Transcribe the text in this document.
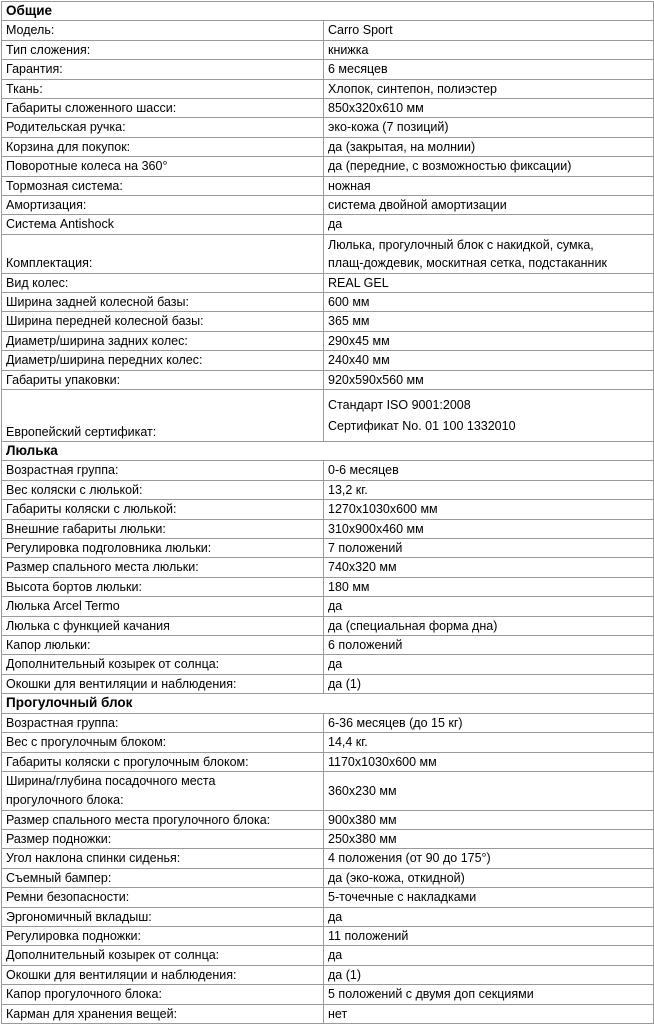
Общие	
Модель:	Carro Sport

Тип сложения:	книжка

Гарантия:	6 месяцев

Ткань:	Хлопок, синтепон, полиэстер

Габариты сложенного шасси:	850x320x610 мм

Родительская ручка:	эко-кожа (7 позиций)

Корзина для покупок:	да (закрытая, на молнии)

Поворотные колеса на 360°	да (передние, с возможностью фиксации)

Тормозная система:	ножная

Амортизация:	система двойной амортизации

Система Antishock	да

Комплектация:	Люлька, прогулочный блок с накидкой, сумка,
плащ-дождевик, москитная сетка, подстаканник

Вид колес:	REAL GEL

Ширина задней колесной базы:	600 мм

Ширина передней колесной базы:	365 мм

Диаметр/ширина задних колес:	290x45 мм

Диаметр/ширина передних колес:	240x40 мм

Габариты упаковки:	920x590x560 мм

Европейский сертификат:	Стандарт ISO 9001:2008
Сертификат No. 01 100 1332010

Люлька	
Возрастная группа:	0-6 месяцев

Вес коляски с люлькой:	13,2 кг.

Габариты коляски с люлькой:	1270x1030x600 мм

Внешние габариты люльки:	310x900x460 мм

Регулировка подголовника люльки:	7 положений

Размер спального места люльки:	740x320 мм

Высота бортов люльки:	180 мм

Люлька Arcel Termo	да

Люлька с функцией качания	да (специальная форма дна)

Капор люльки:	6 положений

Дополнительный козырек от солнца:	да

Окошки для вентиляции и наблюдения:	да (1)

Прогулочный блок	
Возрастная группа:	6-36 месяцев (до 15 кг)

Вес с прогулочным блоком:	14,4 кг.

Габариты коляски с прогулочным блоком:	1170x1030x600 мм

Ширина/глубина посадочного места
прогулочного блока:	360x230 мм

Размер спального места прогулочного блока:	900x380 мм

Размер подножки:	250x380 мм

Угол наклона спинки сиденья:	4 положения (от 90 до 175°)

Съемный бампер:	да (эко-кожа, откидной)

Ремни безопасности:	5-точечные с накладками

Эргономичный вкладыш:	да

Регулировка подножки:	11 положений

Дополнительный козырек от солнца:	да

Окошки для вентиляции и наблюдения:	да (1)

Капор прогулочного блока:	5 положений с двумя доп секциями

Карман для хранения вещей:	нет
